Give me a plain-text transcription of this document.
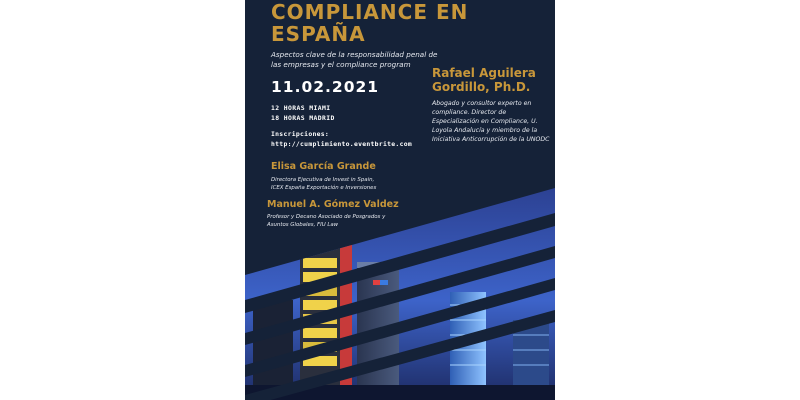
COMPLIANCE EN
ESPAÑA
Aspectos clave de la responsabilidad penal de
las empresas y el compliance program
11.02.2021
12 HORAS MIAMI
18 HORAS MADRID
Inscripciones:
http://cumplimiento.eventbrite.com
Rafael Aguilera
Gordillo, Ph.D.
Abogado y consultor experto en
compliance. Director de
Especialización en Compliance, U.
Loyola Andalucía y miembro de la
Iniciativa Anticorrupción de la UNODC
Elisa García Grande
Directora Ejecutiva de Invest in Spain,
ICEX España Exportación e Inversiones
Manuel A. Gómez Valdez
Profesor y Decano Asociado de Posgrados y
Asuntos Globales, FIU Law
